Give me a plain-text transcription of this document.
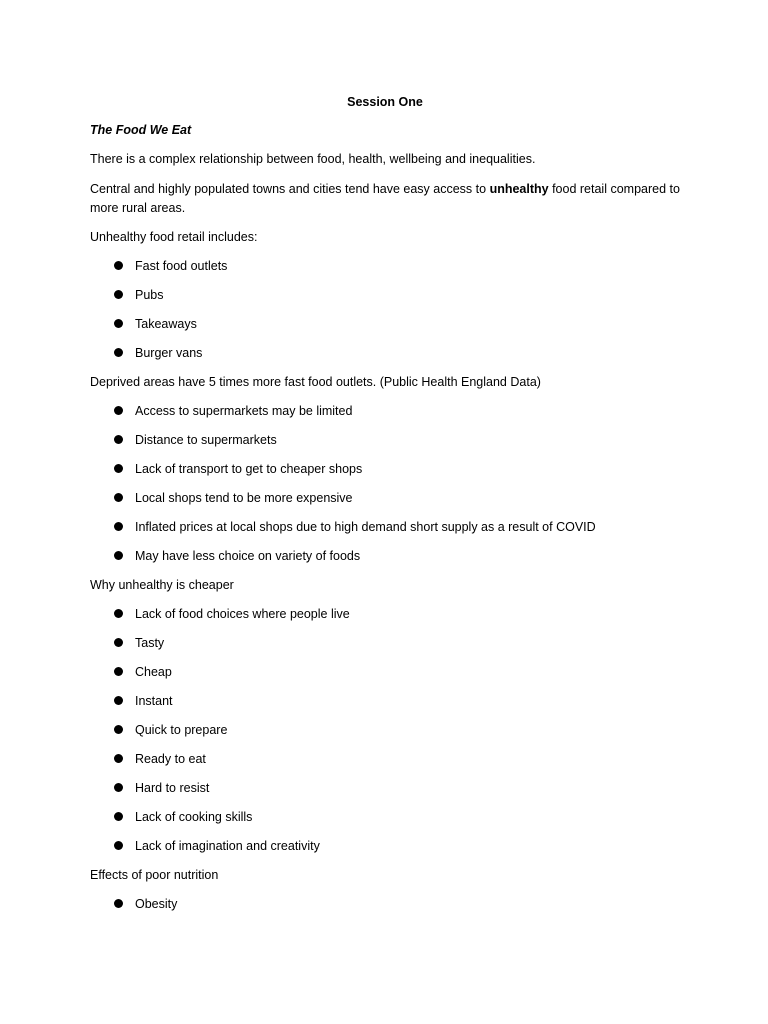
Session One
The Food We Eat

There is a complex relationship between food, health, wellbeing and inequalities.

Central and highly populated towns and cities tend have easy access to unhealthy food retail compared to more rural areas.

Unhealthy food retail includes:

Fast food outlets
Pubs
Takeaways
Burger vans

Deprived areas have 5 times more fast food outlets. (Public Health England Data)

Access to supermarkets may be limited
Distance to supermarkets
Lack of transport to get to cheaper shops
Local shops tend to be more expensive
Inflated prices at local shops due to high demand short supply as a result of COVID
May have less choice on variety of foods

Why unhealthy is cheaper

Lack of food choices where people live
Tasty
Cheap
Instant
Quick to prepare
Ready to eat
Hard to resist
Lack of cooking skills
Lack of imagination and creativity

Effects of poor nutrition

Obesity
